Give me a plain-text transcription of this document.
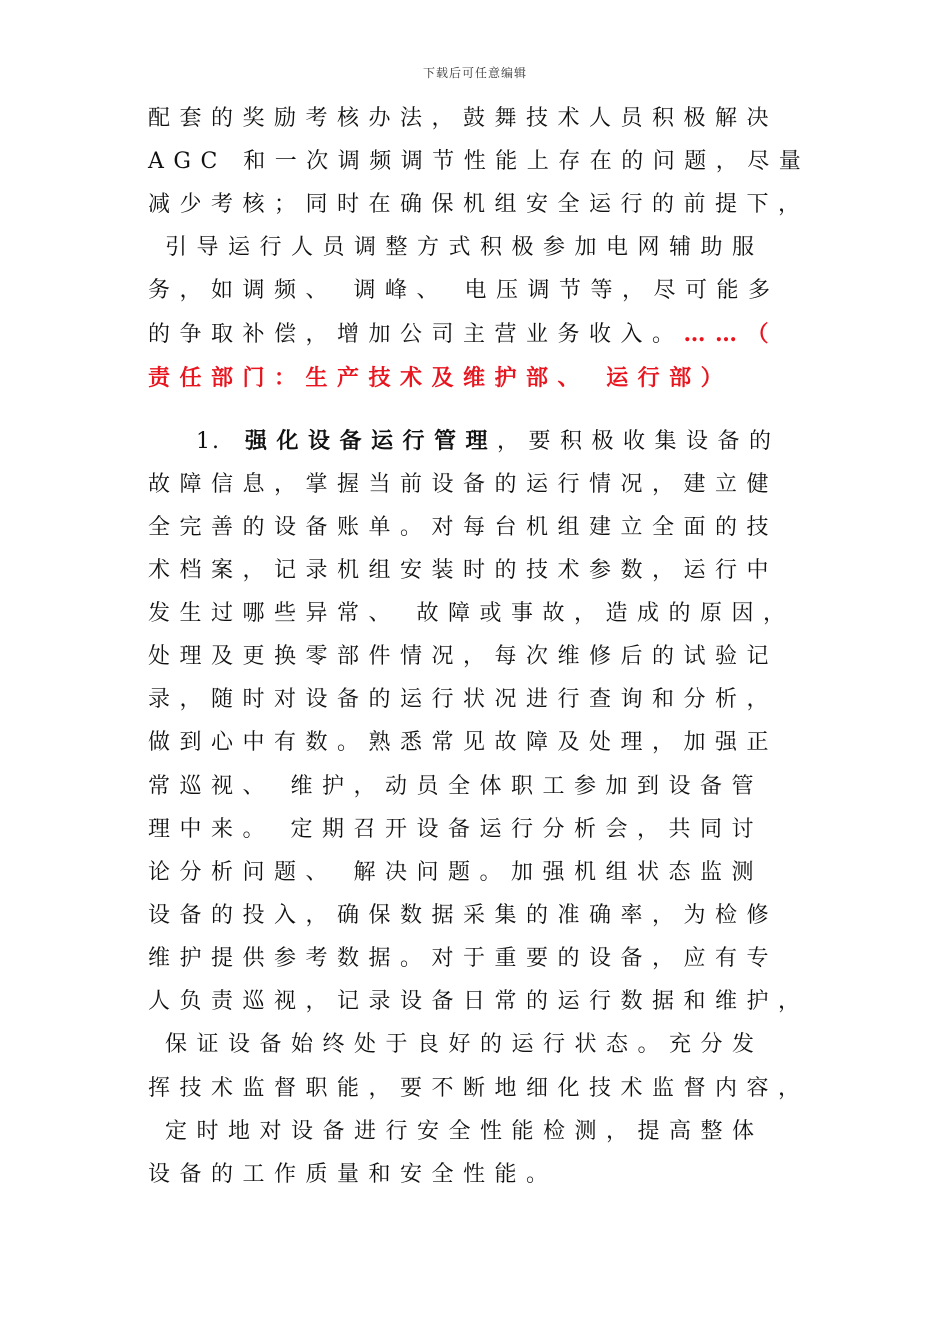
下载后可任意编辑
配套的奖励考核办法，鼓舞技术人员积极解决
AGC 和一次调频调节性能上存在的问题，尽量
减少考核；同时在确保机组安全运行的前提下，
引导运行人员调整方式积极参加电网辅助服
务，如调频、 调峰、 电压调节等，尽可能多
的争取补偿，增加公司主营业务收入。……（
责任部门：生产技术及维护部、 运行部）
1. 强化设备运行管理，要积极收集设备的
故障信息，掌握当前设备的运行情况，建立健
全完善的设备账单。对每台机组建立全面的技
术档案，记录机组安装时的技术参数，运行中
发生过哪些异常、 故障或事故，造成的原因，
处理及更换零部件情况，每次维修后的试验记
录，随时对设备的运行状况进行查询和分析，
做到心中有数。熟悉常见故障及处理，加强正
常巡视、 维护，动员全体职工参加到设备管
理中来。 定期召开设备运行分析会，共同讨
论分析问题、 解决问题。加强机组状态监测
设备的投入，确保数据采集的准确率，为检修
维护提供参考数据。对于重要的设备，应有专
人负责巡视，记录设备日常的运行数据和维护，
保证设备始终处于良好的运行状态。充分发
挥技术监督职能，要不断地细化技术监督内容，
定时地对设备进行安全性能检测，提高整体
设备的工作质量和安全性能。
